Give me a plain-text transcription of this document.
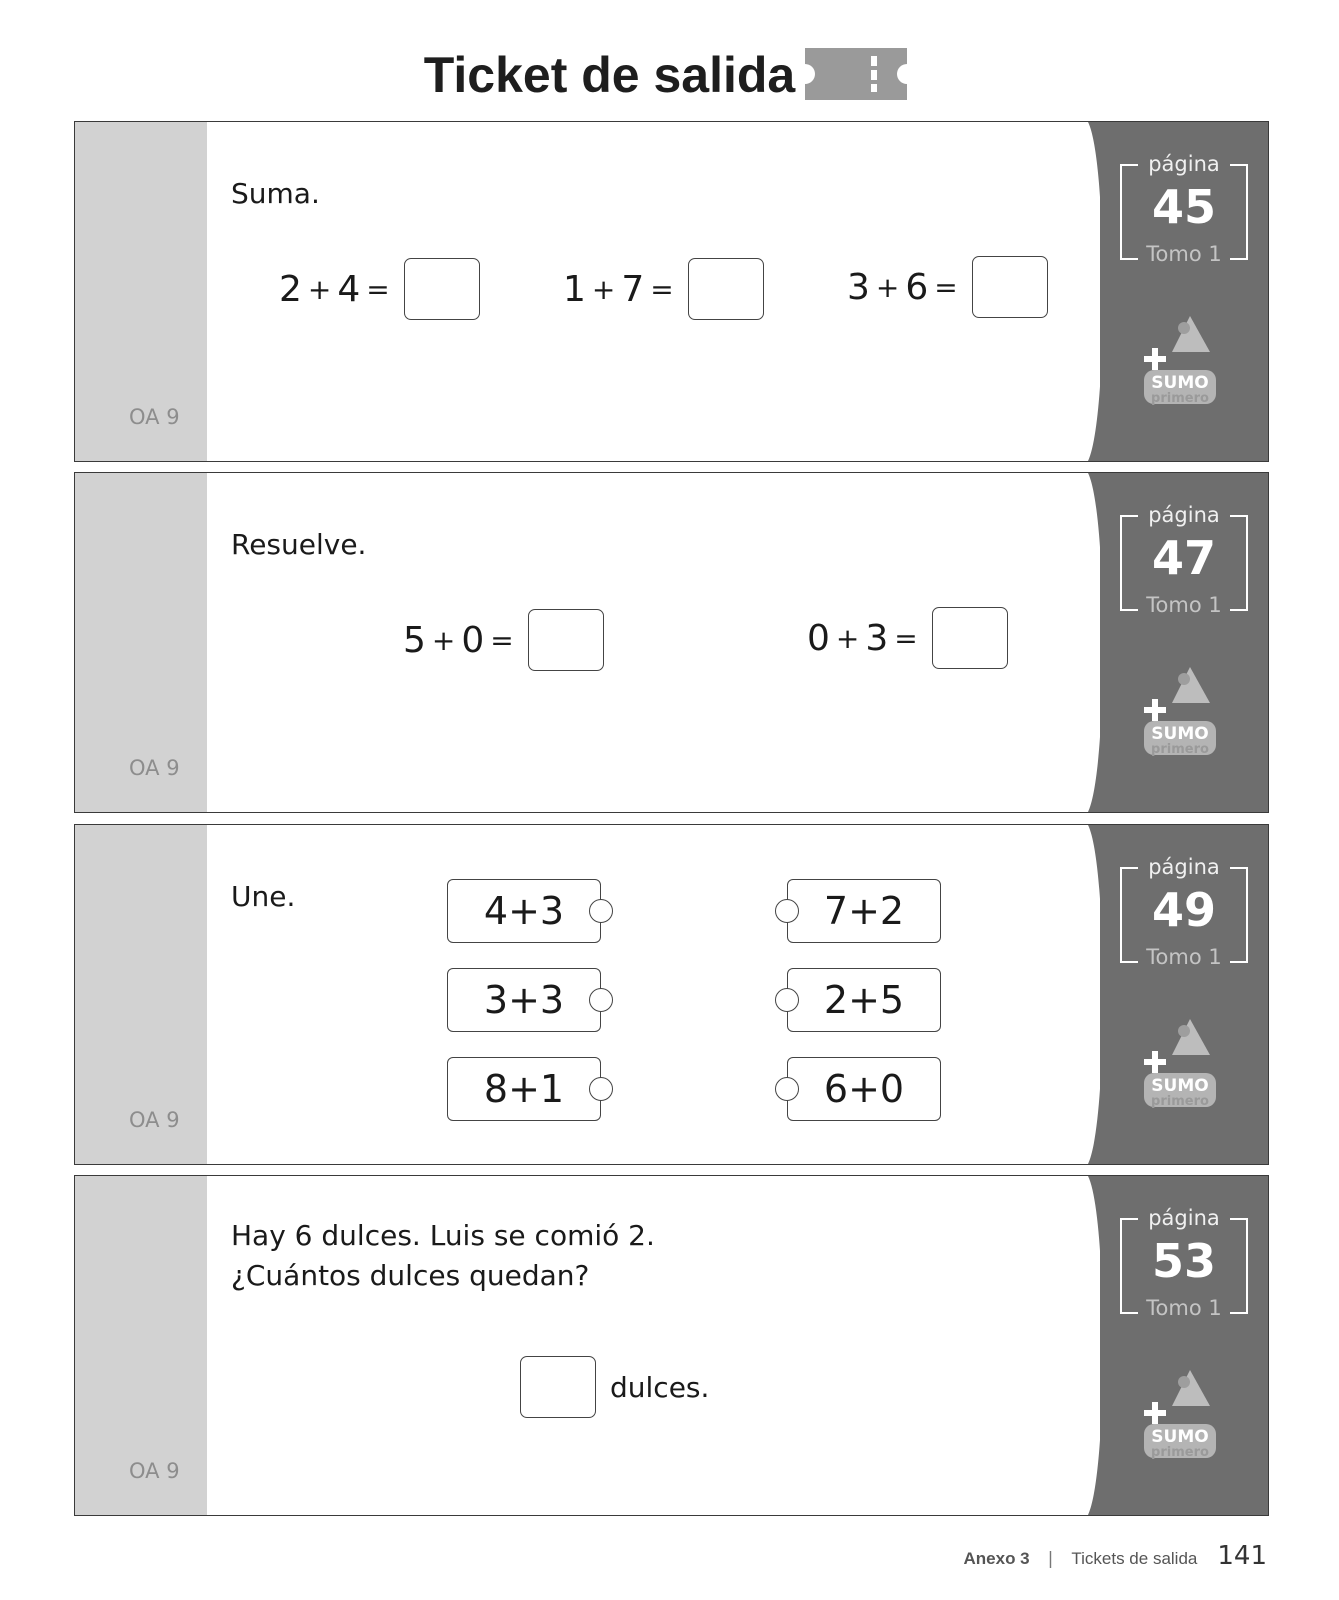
Ticket de salida
OA 9
Suma.
2 + 4 =	1 + 7 =	3 + 6 =
página
45
Tomo 1
SUMO
primero
OA 9
Resuelve.
5 + 0 =	0 + 3 =
página
47
Tomo 1
SUMO
primero
OA 9
Une.	4+3
3+3
8+1
7+2
2+5
6+0
página
49
Tomo 1
SUMO
primero
OA 9
Hay 6 dulces. Luis se comió 2.
¿Cuántos dulces quedan?
dulces.
página
53
Tomo 1
SUMO
primero
Anexo 3 | Tickets de salida 141
